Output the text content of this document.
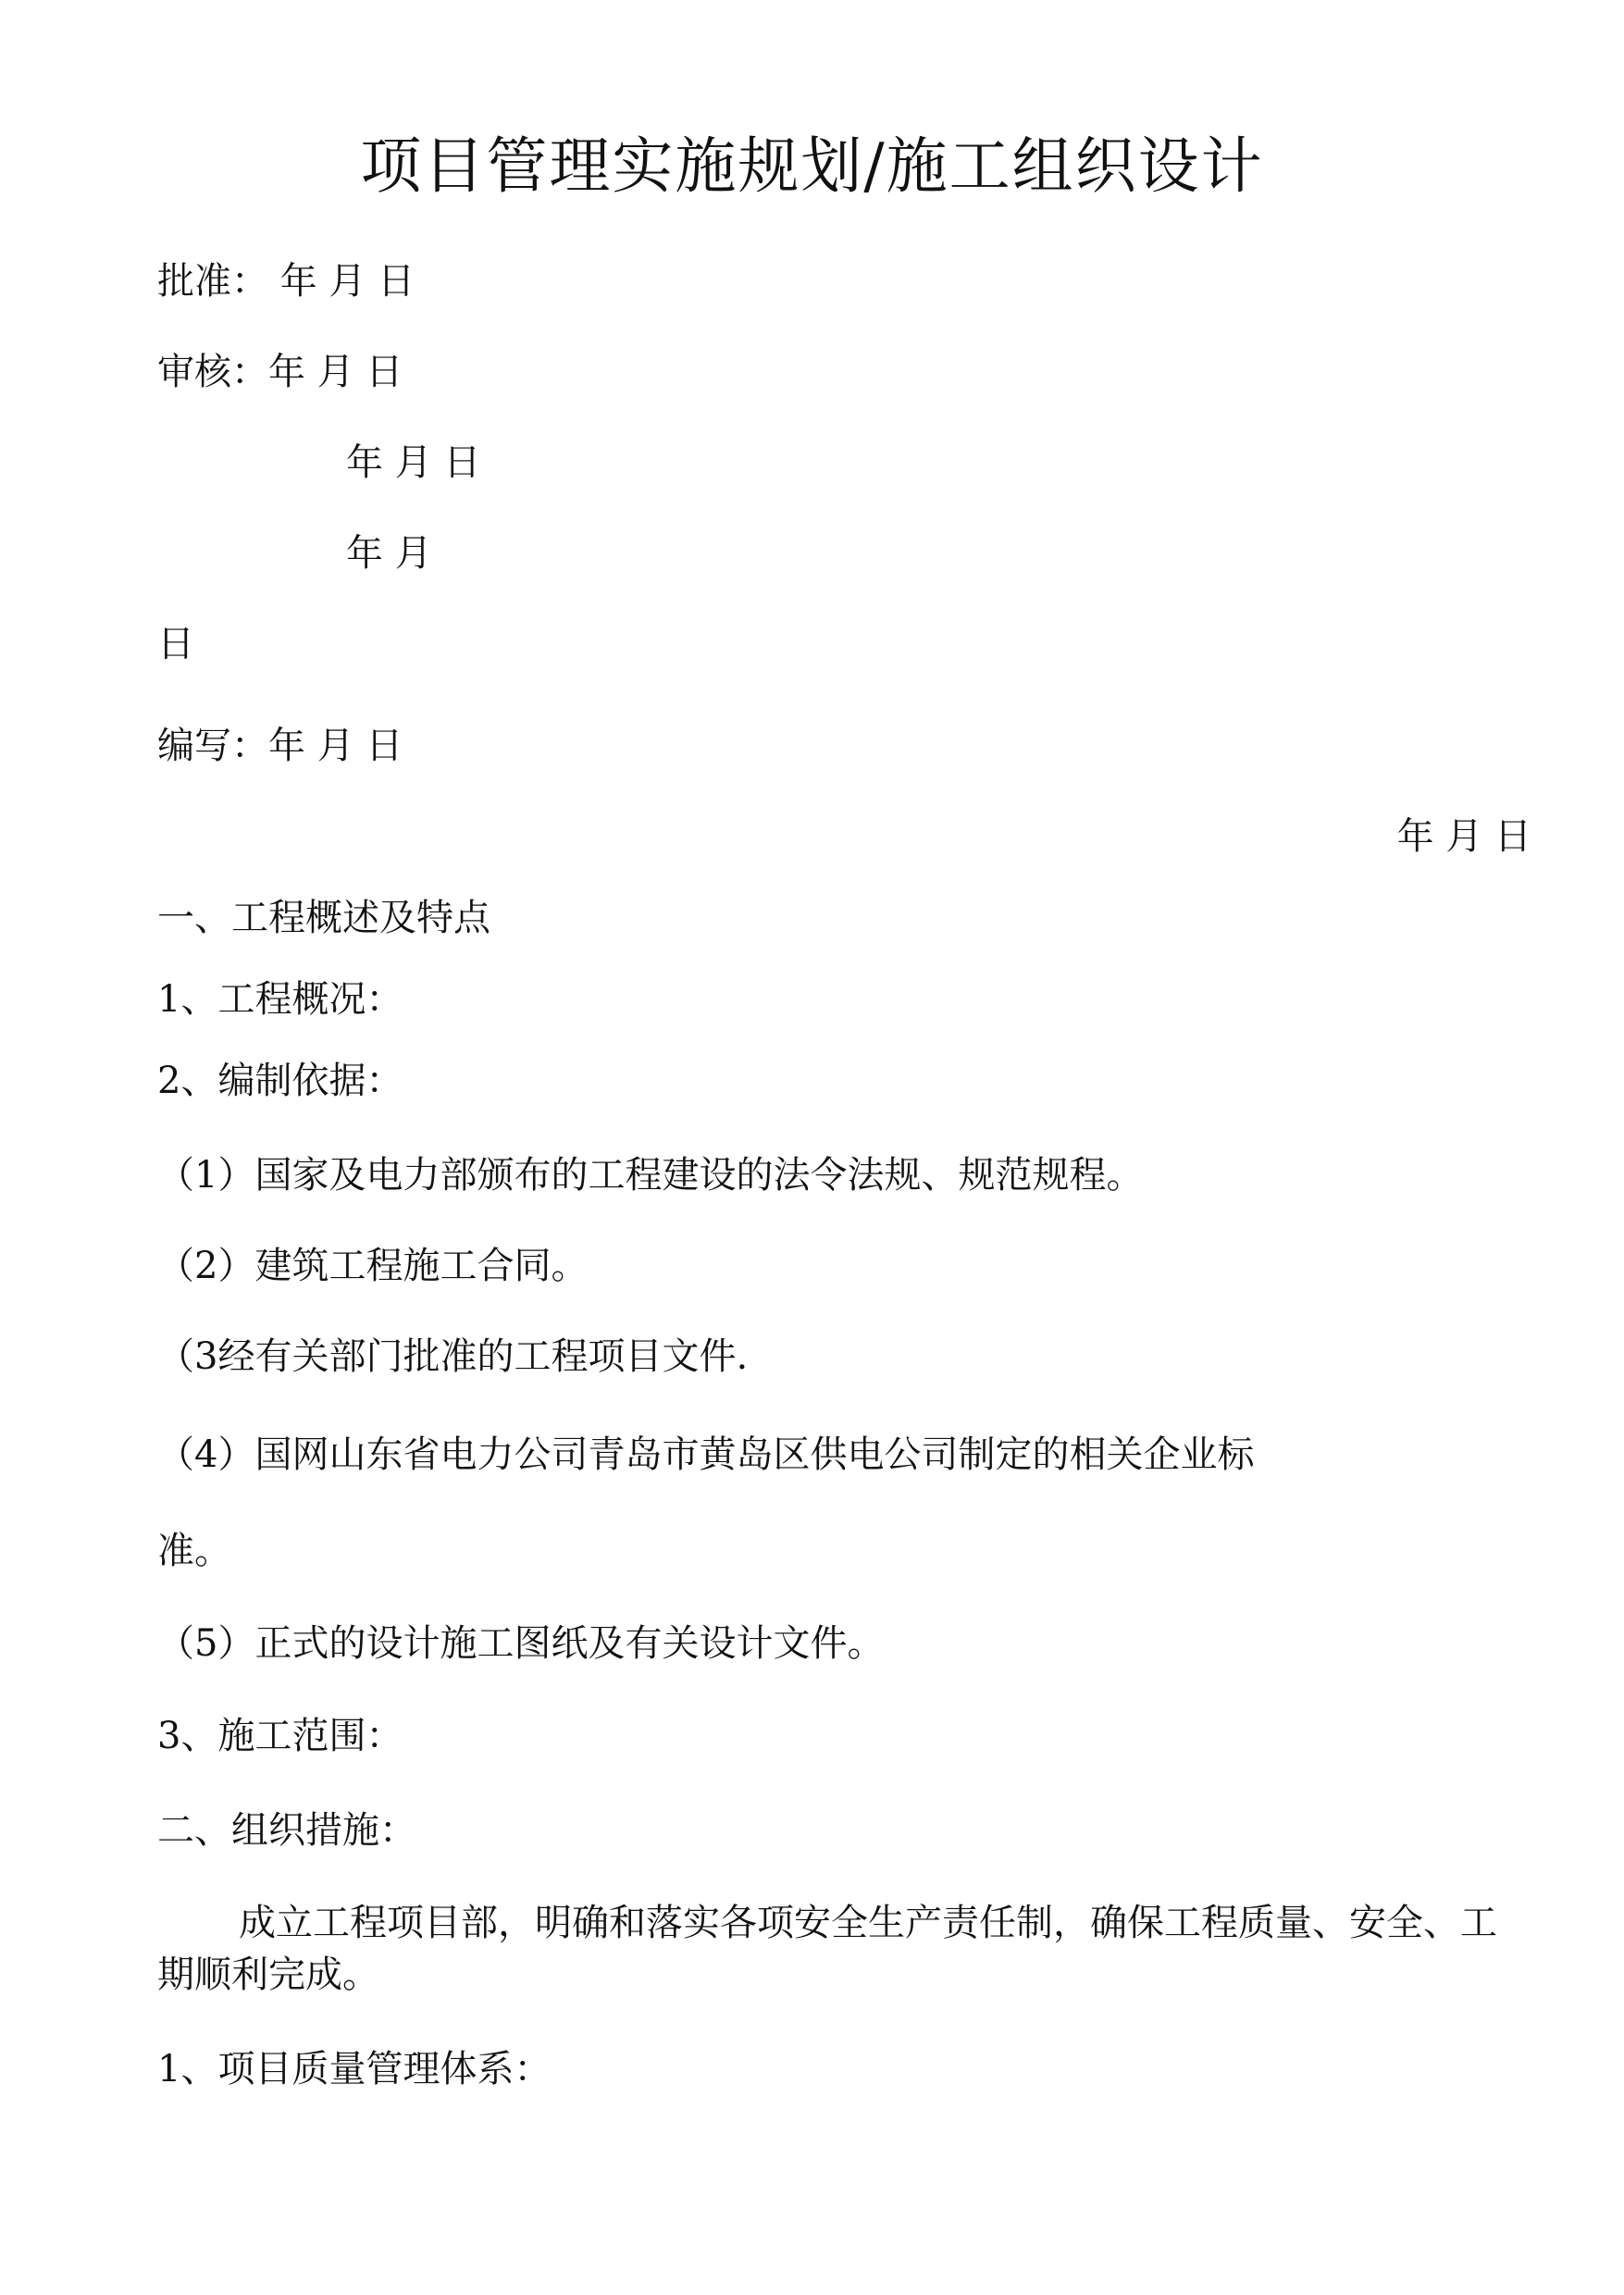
项目管理实施规划/施工组织设计
批准： 年 月 日
审核：年 月 日
年 月 日
年 月
日
编写：年 月 日
年 月 日
一、工程概述及特点
1、工程概况：
2、编制依据：
（1）国家及电力部颁布的工程建设的法令法规、规范规程。
（2）建筑工程施工合同。
（3经有关部门批准的工程项目文件.
（4）国网山东省电力公司青岛市黄岛区供电公司制定的相关企业标
准。
（5）正式的设计施工图纸及有关设计文件。
3、施工范围：
二、组织措施：
成立工程项目部，明确和落实各项安全生产责任制，确保工程质量、安全、工期顺利完成。
1、项目质量管理体系：
